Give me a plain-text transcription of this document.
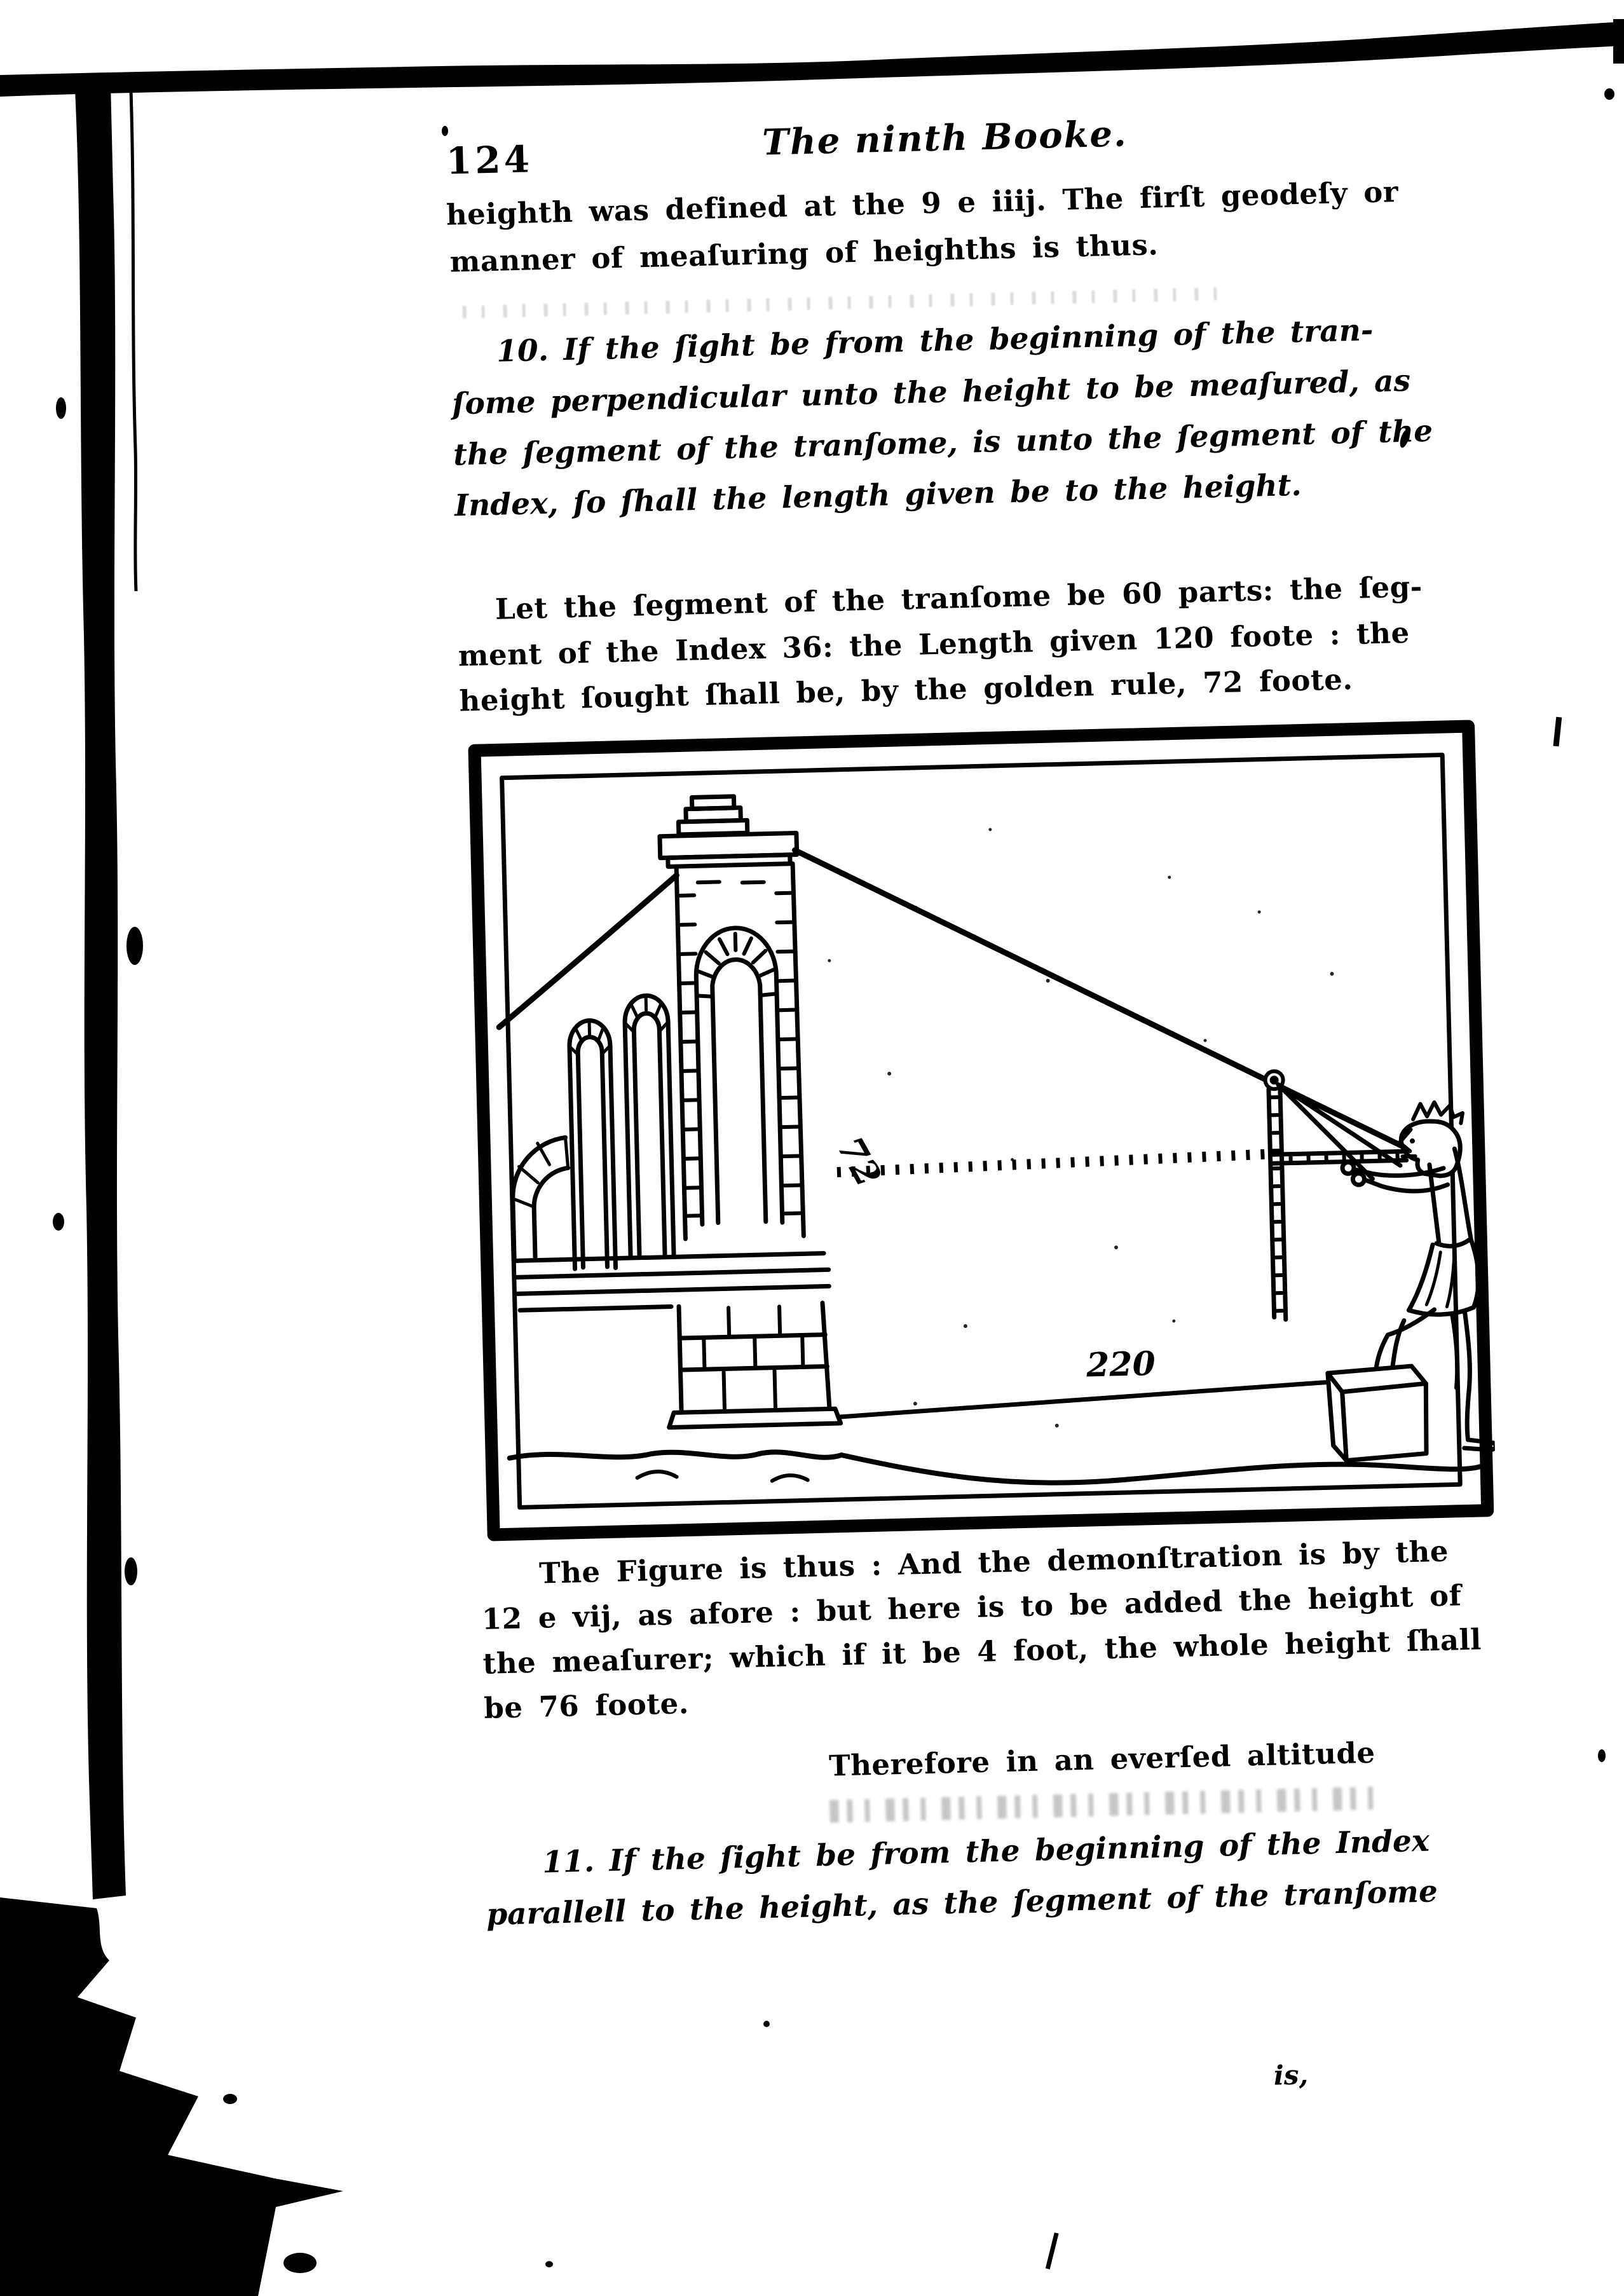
124	The ninth Booke.
heighth was defined at the 9 e iiij. The firſt geodeſy or
manner of meaſuring of heighths is thus.
10. If the ſight be from the beginning of the tran-
ſome perpendicular unto the height to be meaſured, as
the ſegment of the tranſome, is unto the ſegment of the
Index, ſo ſhall the length given be to the height.
Let the ſegment of the tranſome be 60 parts: the ſeg-
ment of the Index 36: the Length given 120 foote : the
height ſought ſhall be, by the golden rule, 72 foote.
72
220
The Figure is thus : And the demonſtration is by the
12 e vij, as afore : but here is to be added the height of
the meaſurer; which if it be 4 foot, the whole height ſhall
be 76 foote.
Therefore in an everſed altitude
11. If the ſight be from the beginning of the Index
parallell to the height, as the ſegment of the tranſome
is,
